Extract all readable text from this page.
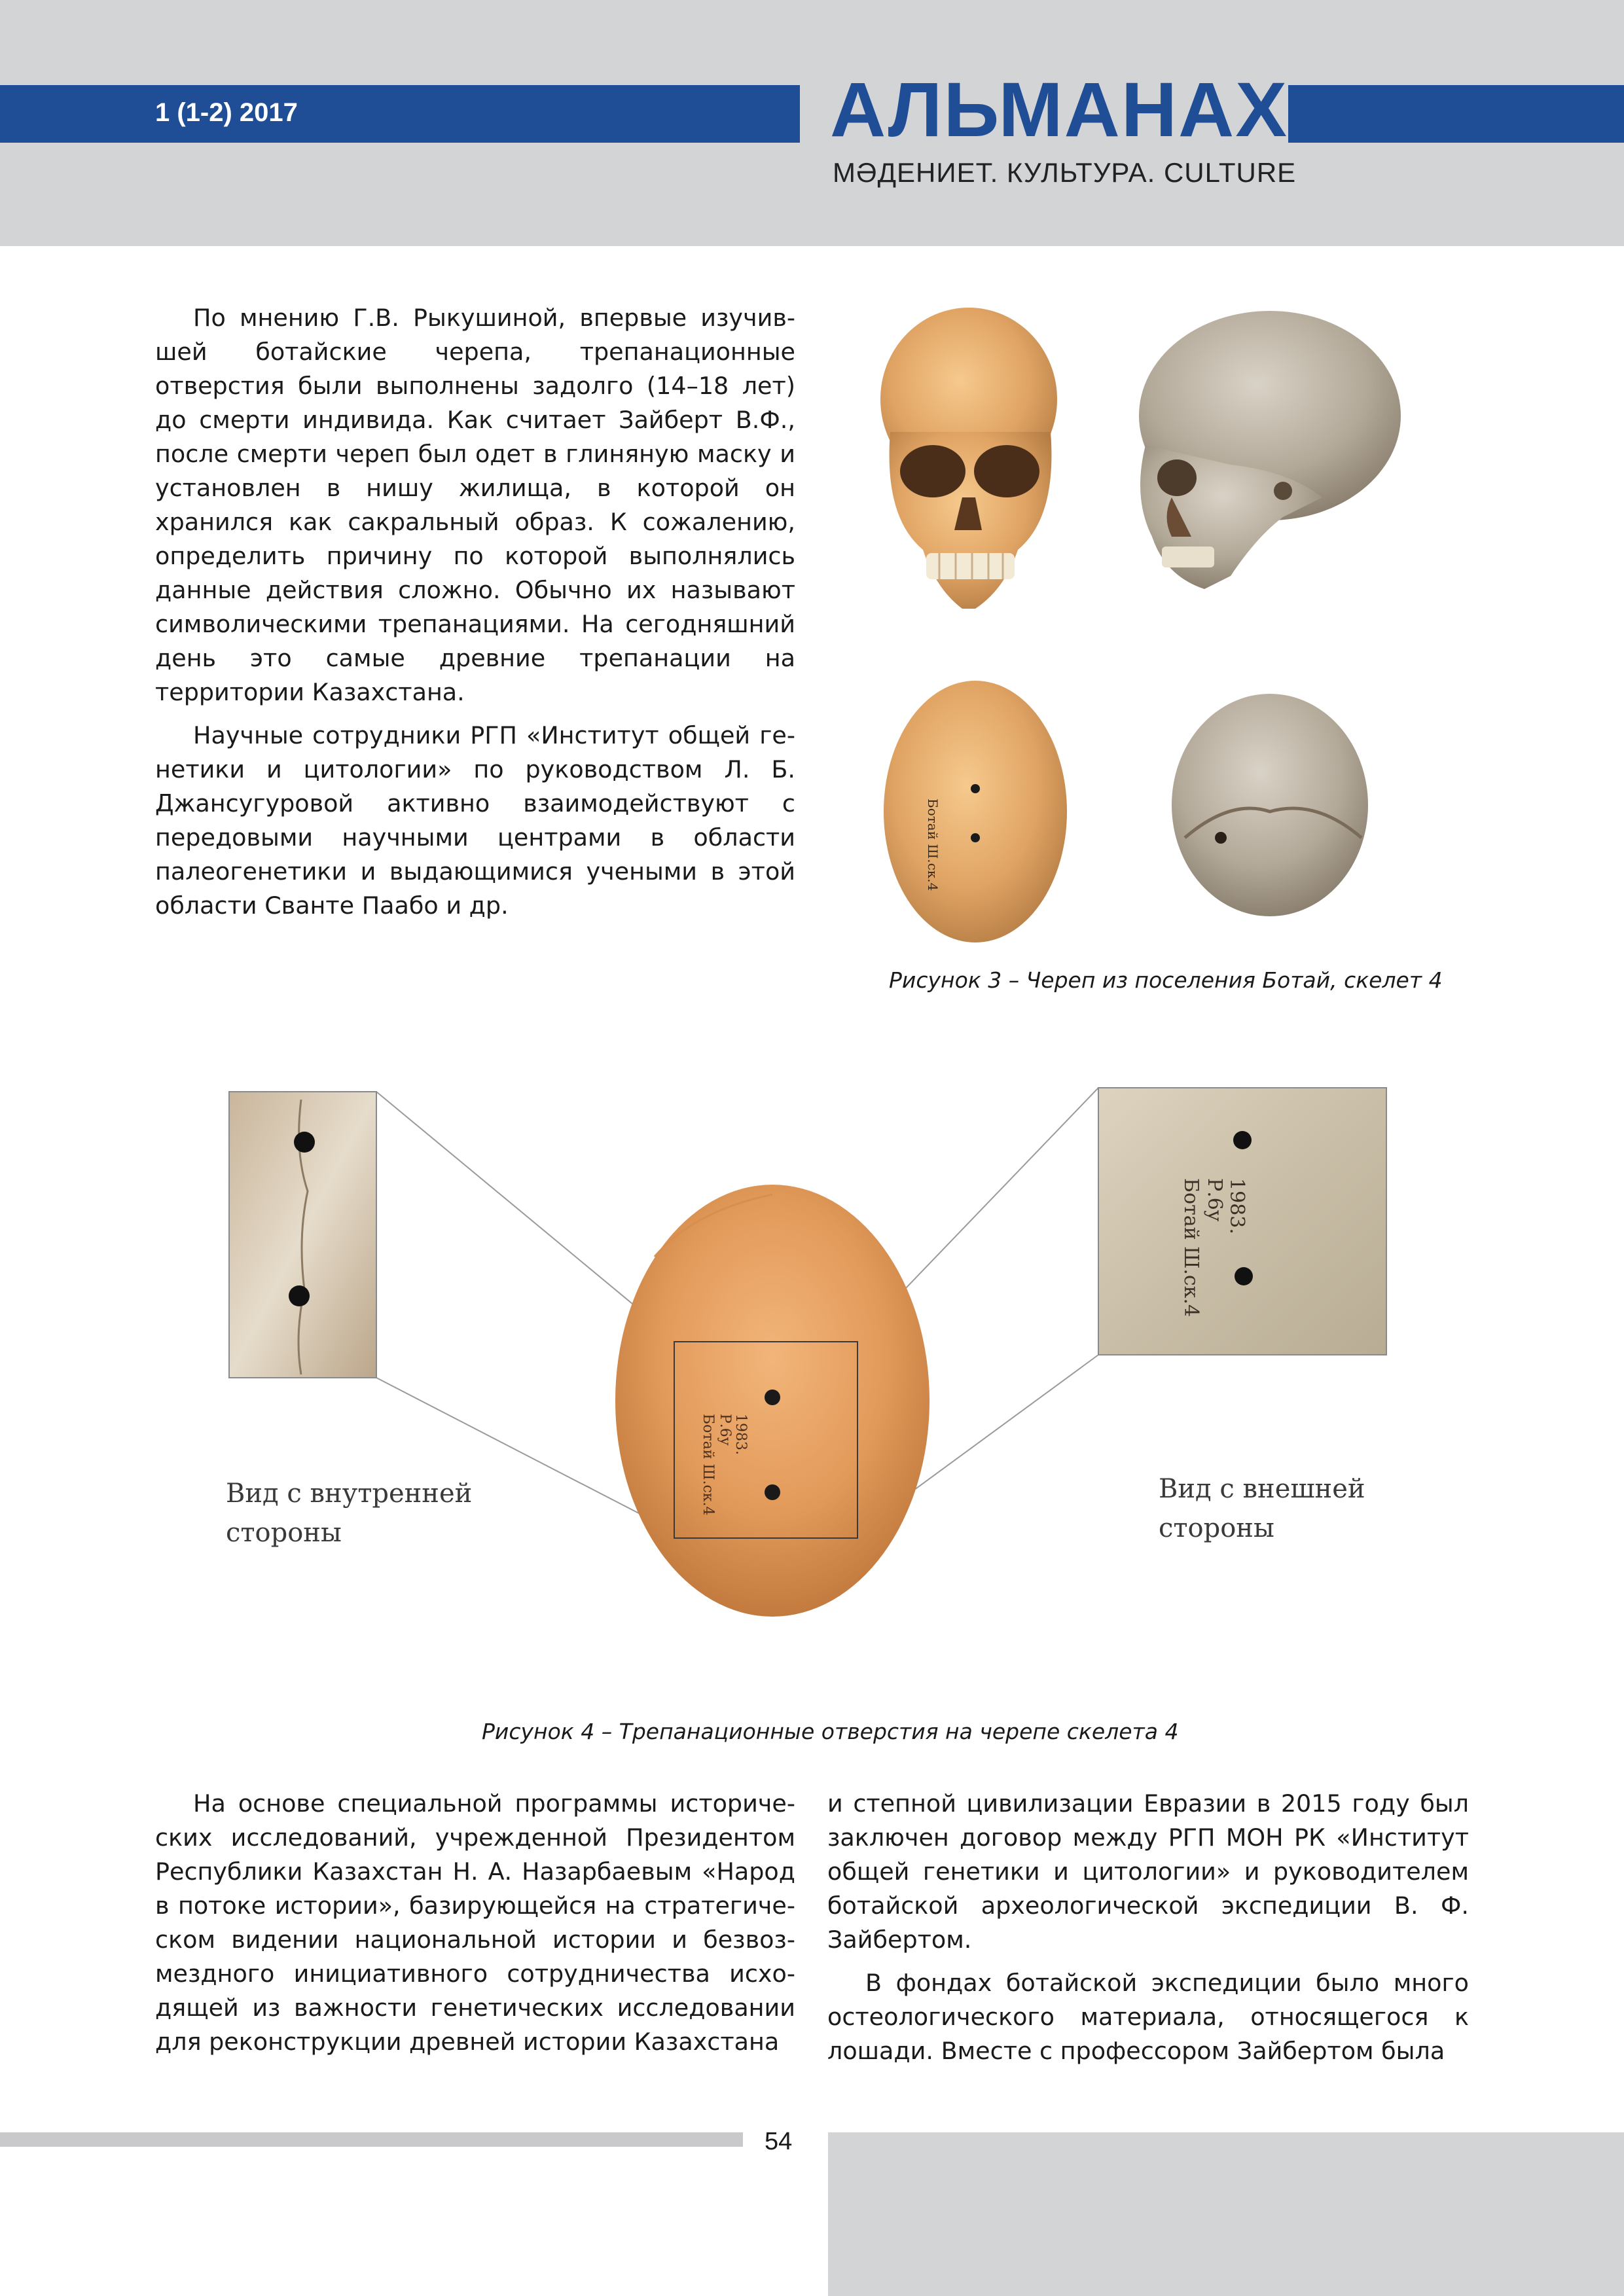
1 (1-2) 2017	АЛЬМАНАХ
МӘДЕНИЕТ. КУЛЬТУРА. CULTURE

По мнению Г.В. Рыкушиной, впервые изучившей ботайские черепа, трепанационные отверстия были выполнены задолго (14–18 лет) до смерти индивида. Как считает Зайберт В.Ф., после смерти череп был одет в глиняную маску и установлен в нишу жилища, в которой он хранился как сакральный образ. К сожалению, определить причину по которой выполнялись данные действия сложно. Обычно их называют символическими трепанациями. На сегодняшний день это самые древние трепанации на территории Казахстана.

Научные сотрудники РГП «Институт общей генетики и цитологии» по руководством Л. Б. Джансугуровой активно взаимодействуют с передовыми научными центрами в области палеогенетики и выдающимися учеными в этой области Сванте Паабо и др.

Ботай Ш.ск.4
Рисунок 3 – Череп из поселения Ботай, скелет 4
Ботай Ш.ск.4 Р.6у 1983.
Ботай Ш.ск.4 Р.6у 1983.
Вид с внутренней
стороны
Вид с внешней
стороны
Рисунок 4 – Трепанационные отверстия на черепе скелета 4

На основе специальной программы исторических исследований, учрежденной Президентом Республики Казахстан Н. А. Назарбаевым «Народ в потоке истории», базирующейся на стратегическом видении национальной истории и безвозмездного инициативного сотрудничества исходящей из важности генетических исследовании для реконструкции древней истории Казахстана

и степной цивилизации Евразии в 2015 году был заключен договор между РГП МОН РК «Институт общей генетики и цитологии» и руководителем ботайской археологической экспедиции В. Ф. Зайбертом.

В фондах ботайской экспедиции было много остеологического материала, относящегося к лошади. Вместе с профессором Зайбертом была

54
